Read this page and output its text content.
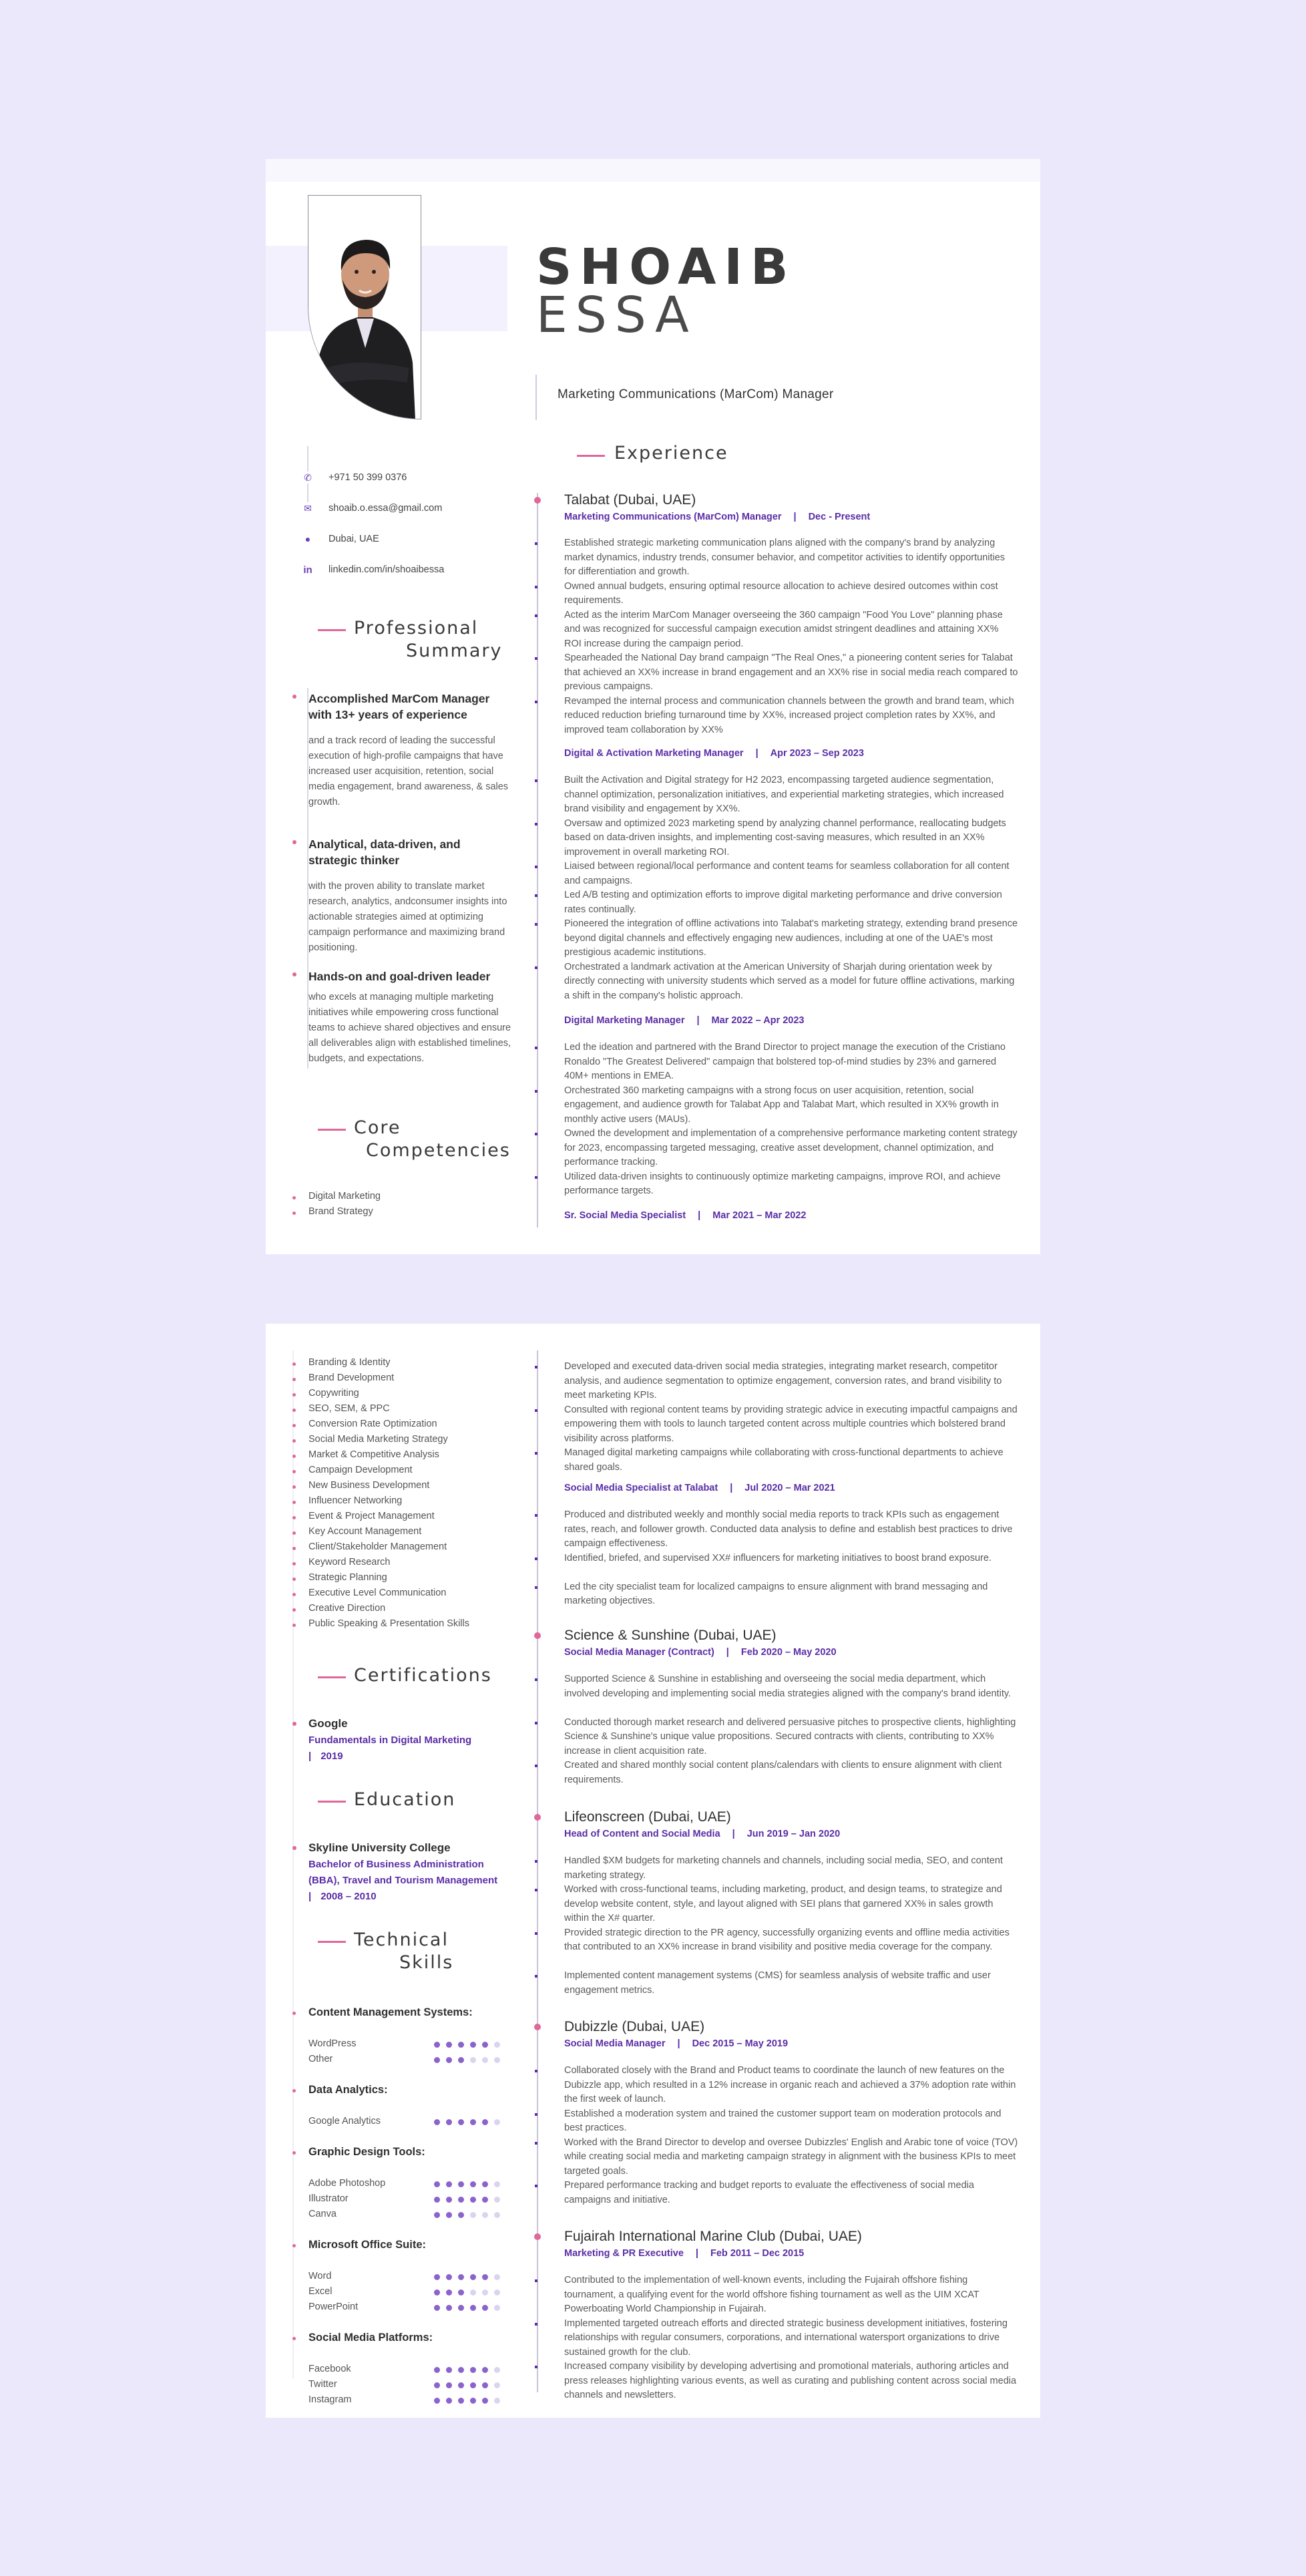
SHOAIB
ESSA
Marketing Communications (MarCom) Manager
✆ +971 50 399 0376
✉ shoaib.o.essa@gmail.com
●	Dubai, UAE
in linkedin.com/in/shoaibessa
Professional
Summary
Accomplished MarCom Manager with 13+ years of experience
and a track record of leading the successful execution of high-profile campaigns that have increased user acquisition, retention, social media engagement, brand awareness, & sales growth.
Analytical, data-driven, and strategic thinker
with the proven ability to translate market research, analytics, andconsumer insights into actionable strategies aimed at optimizing campaign performance and maximizing brand positioning.
Hands-on and goal-driven leader
who excels at managing multiple marketing initiatives while empowering cross functional teams to achieve shared objectives and ensure all deliverables align with established timelines, budgets, and expectations.
Core
Competencies
Digital Marketing
Brand Strategy
Experience
Talabat (Dubai, UAE)
Marketing Communications (MarCom) Manager | Dec - Present
Digital & Activation Marketing Manager | Apr 2023 – Sep 2023
Digital Marketing Manager | Mar 2022 – Apr 2023
Sr. Social Media Specialist | Mar 2021 – Mar 2022
Established strategic marketing communication plans aligned with the company's brand by analyzing market dynamics, industry trends, consumer behavior, and competitor activities to identify opportunities for differentiation and growth.
Owned annual budgets, ensuring optimal resource allocation to achieve desired outcomes within cost requirements.
Acted as the interim MarCom Manager overseeing the 360 campaign "Food You Love" planning phase and was recognized for successful campaign execution amidst stringent deadlines and attaining XX% ROI increase during the campaign period.
Spearheaded the National Day brand campaign "The Real Ones," a pioneering content series for Talabat that achieved an XX% increase in brand engagement and an XX% rise in social media reach compared to previous campaigns.
Revamped the internal process and communication channels between the growth and brand team, which reduced reduction briefing turnaround time by XX%, increased project completion rates by XX%, and improved team collaboration by XX%
Built the Activation and Digital strategy for H2 2023, encompassing targeted audience segmentation, channel optimization, personalization initiatives, and experiential marketing strategies, which increased brand visibility and engagement by XX%.
Oversaw and optimized 2023 marketing spend by analyzing channel performance, reallocating budgets based on data-driven insights, and implementing cost-saving measures, which resulted in an XX% improvement in overall marketing ROI.
Liaised between regional/local performance and content teams for seamless collaboration for all content and campaigns.
Led A/B testing and optimization efforts to improve digital marketing performance and drive conversion rates continually.
Pioneered the integration of offline activations into Talabat's marketing strategy, extending brand presence beyond digital channels and effectively engaging new audiences, including at one of the UAE's most prestigious academic institutions.
Orchestrated a landmark activation at the American University of Sharjah during orientation week by directly connecting with university students which served as a model for future offline activations, marking a shift in the company's holistic approach.
Led the ideation and partnered with the Brand Director to project manage the execution of the Cristiano Ronaldo "The Greatest Delivered" campaign that bolstered top-of-mind studies by 23% and garnered 40M+ mentions in EMEA.
Orchestrated 360 marketing campaigns with a strong focus on user acquisition, retention, social engagement, and audience growth for Talabat App and Talabat Mart, which resulted in XX% growth in monthly active users (MAUs).
Owned the development and implementation of a comprehensive performance marketing content strategy for 2023, encompassing targeted messaging, creative asset development, channel optimization, and performance tracking.
Utilized data-driven insights to continuously optimize marketing campaigns, improve ROI, and achieve performance targets.
Certifications
Google
Fundamentals in Digital Marketing
| 2019
Education
Skyline University College
Bachelor of Business Administration
(BBA), Travel and Tourism Management
| 2008 – 2010
Technical
Skills
Social Media Specialist at Talabat | Jul 2020 – Mar 2021
Science & Sunshine (Dubai, UAE)
Social Media Manager (Contract) | Feb 2020 – May 2020
Lifeonscreen (Dubai, UAE)
Head of Content and Social Media | Jun 2019 – Jan 2020
Dubizzle (Dubai, UAE)
Social Media Manager | Dec 2015 – May 2019
Fujairah International Marine Club (Dubai, UAE)
Marketing & PR Executive | Feb 2011 – Dec 2015
Developed and executed data-driven social media strategies, integrating market research, competitor analysis, and audience segmentation to optimize engagement, conversion rates, and brand visibility to meet marketing KPIs.
Consulted with regional content teams by providing strategic advice in executing impactful campaigns and empowering them with tools to launch targeted content across multiple countries which bolstered brand visibility across platforms.
Managed digital marketing campaigns while collaborating with cross-functional departments to achieve shared goals.
Produced and distributed weekly and monthly social media reports to track KPIs such as engagement rates, reach, and follower growth. Conducted data analysis to define and establish best practices to drive campaign effectiveness.
Identified, briefed, and supervised XX# influencers for marketing initiatives to boost brand exposure.
Led the city specialist team for localized campaigns to ensure alignment with brand messaging and marketing objectives.
Supported Science & Sunshine in establishing and overseeing the social media department, which involved developing and implementing social media strategies aligned with the company's brand identity.
Conducted thorough market research and delivered persuasive pitches to prospective clients, highlighting Science & Sunshine's unique value propositions. Secured contracts with clients, contributing to XX% increase in client acquisition rate.
Created and shared monthly social content plans/calendars with clients to ensure alignment with client requirements.
Handled $XM budgets for marketing channels and channels, including social media, SEO, and content marketing strategy.
Worked with cross-functional teams, including marketing, product, and design teams, to strategize and develop website content, style, and layout aligned with SEI plans that garnered XX% in sales growth within the X# quarter.
Provided strategic direction to the PR agency, successfully organizing events and offline media activities that contributed to an XX% increase in brand visibility and positive media coverage for the company.
Implemented content management systems (CMS) for seamless analysis of website traffic and user engagement metrics.
Collaborated closely with the Brand and Product teams to coordinate the launch of new features on the Dubizzle app, which resulted in a 12% increase in organic reach and achieved a 37% adoption rate within the first week of launch.
Established a moderation system and trained the customer support team on moderation protocols and best practices.
Worked with the Brand Director to develop and oversee Dubizzles' English and Arabic tone of voice (TOV) while creating social media and marketing campaign strategy in alignment with the business KPIs to meet targeted goals.
Prepared performance tracking and budget reports to evaluate the effectiveness of social media campaigns and initiative.
Contributed to the implementation of well-known events, including the Fujairah offshore fishing tournament, a qualifying event for the world offshore fishing tournament as well as the UIM XCAT Powerboating World Championship in Fujairah.
Implemented targeted outreach efforts and directed strategic business development initiatives, fostering relationships with regular consumers, corporations, and international watersport organizations to drive sustained growth for the club.
Increased company visibility by developing advertising and promotional materials, authoring articles and press releases highlighting various events, as well as curating and publishing content across social media channels and newsletters.
Branding & Identity
Brand Development
Copywriting
SEO, SEM, & PPC
Conversion Rate Optimization
Social Media Marketing Strategy
Market & Competitive Analysis
Campaign Development
New Business Development
Influencer Networking
Event & Project Management
Key Account Management
Client/Stakeholder Management
Keyword Research
Strategic Planning
Executive Level Communication
Creative Direction
Public Speaking & Presentation Skills
Content Management Systems:
WordPress
Other
Data Analytics:
Google Analytics
Graphic Design Tools:
Adobe Photoshop
Illustrator
Canva
Microsoft Office Suite:
Word
Excel
PowerPoint
Social Media Platforms:
Facebook
Twitter
Instagram
